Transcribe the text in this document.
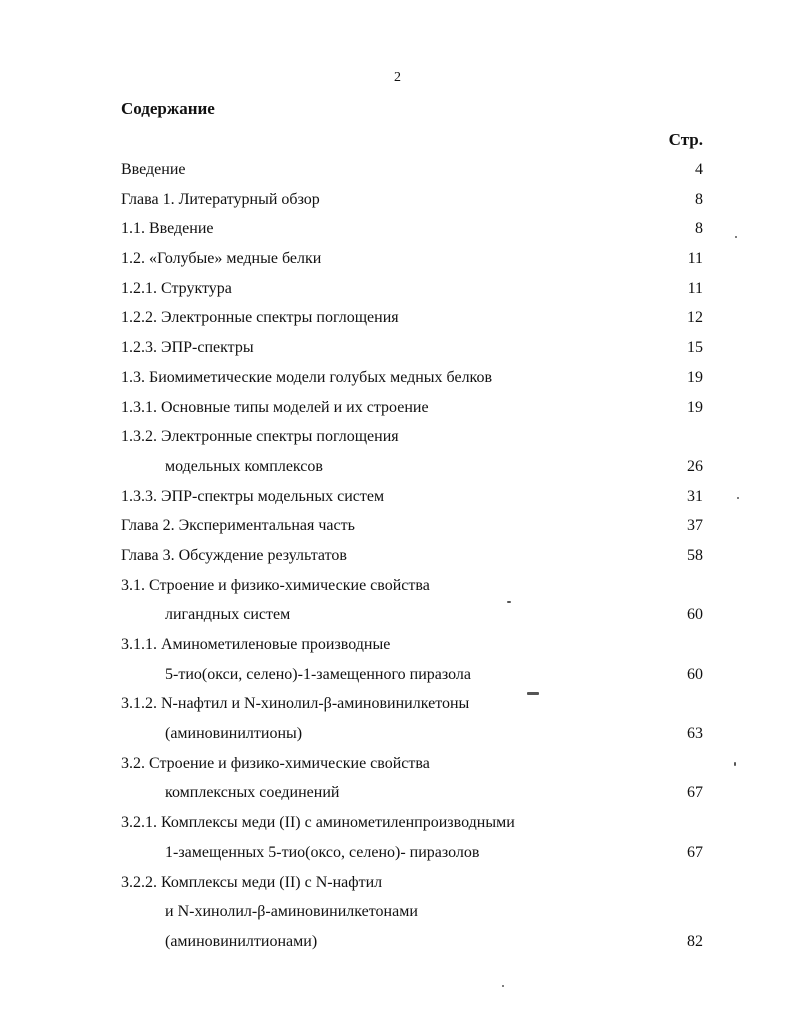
2
Содержание
Стр.
Введение	4
Глава 1. Литературный обзор	8
1.1. Введение	8
1.2. «Голубые» медные белки	11
1.2.1. Структура	11
1.2.2. Электронные спектры поглощения	12
1.2.3. ЭПР-спектры	15
1.3. Биомиметические модели голубых медных белков	19
1.3.1. Основные типы моделей и их строение	19
1.3.2. Электронные спектры поглощения
модельных комплексов	26
1.3.3. ЭПР-спектры модельных систем	31
Глава 2. Экспериментальная часть	37
Глава 3. Обсуждение результатов	58
3.1. Строение и физико-химические свойства
лигандных систем	60
3.1.1. Аминометиленовые производные
5-тио(окси, селено)-1-замещенного пиразола	60
3.1.2. N-нафтил и N-хинолил-β-аминовинилкетоны
(аминовинилтионы)	63
3.2. Строение и физико-химические свойства
комплексных соединений	67
3.2.1. Комплексы меди (II) с аминометиленпроизводными
1-замещенных 5-тио(оксо, селено)- пиразолов	67
3.2.2. Комплексы меди (II) с N-нафтил
и N-хинолил-β-аминовинилкетонами
(аминовинилтионами)	82
